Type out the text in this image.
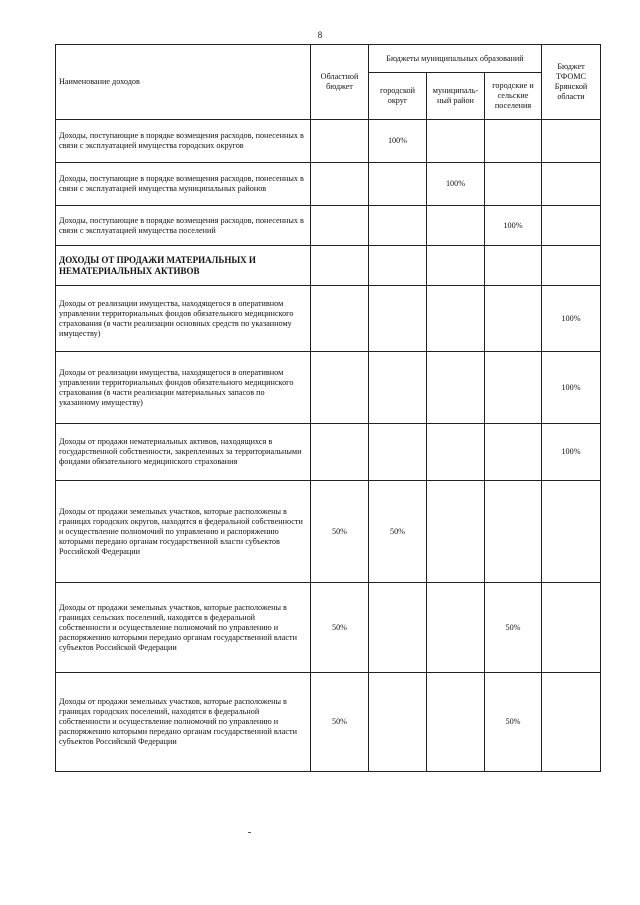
8
Наименование доходов	Областной бюджет	Бюджеты муниципальных образований			Бюджет ТФОМС Брянской области
		городской округ	муниципаль-ный район	городские и сельские поселения	
Доходы, поступающие в порядке возмещения расходов, понесенных в связи с эксплуатацией имущества городских округов		100%			
Доходы, поступающие в порядке возмещения расходов, понесенных в связи с эксплуатацией имущества муниципальных районов			100%		
Доходы, поступающие в порядке возмещения расходов, понесенных в связи с эксплуатацией имущества поселений				100%	
ДОХОДЫ ОТ ПРОДАЖИ МАТЕРИАЛЬНЫХ И НЕМАТЕРИАЛЬНЫХ АКТИВОВ					
Доходы от реализации имущества, находящегося в оперативном управлении территориальных фондов обязательного медицинского страхования (в части реализации основных средств по указанному имуществу)					100%
Доходы от реализации имущества, находящегося в оперативном управлении территориальных фондов обязательного медицинского страхования (в части реализации материальных запасов по указанному имуществу)					100%
Доходы от продажи нематериальных активов, находящихся в государственной собственности, закрепленных за территориальными фондами обязательного медицинского страхования					100%
Доходы от продажи земельных участков, которые расположены в границах городских округов, находятся в федеральной собственности и осуществление полномочий по управлению и распоряжению которыми передано органам государственной власти субъектов Российской Федерации	50%	50%			
Доходы от продажи земельных участков, которые расположены в границах сельских поселений, находятся в федеральной собственности и осуществление полномочий по управлению и распоряжению которыми передано органам государственной власти субъектов Российской Федерации	50%			50%	
Доходы от продажи земельных участков, которые расположены в границах городских поселений, находятся в федеральной собственности и осуществление полномочий по управлению и распоряжению которыми передано органам государственной власти субъектов Российской Федерации	50%			50%	
